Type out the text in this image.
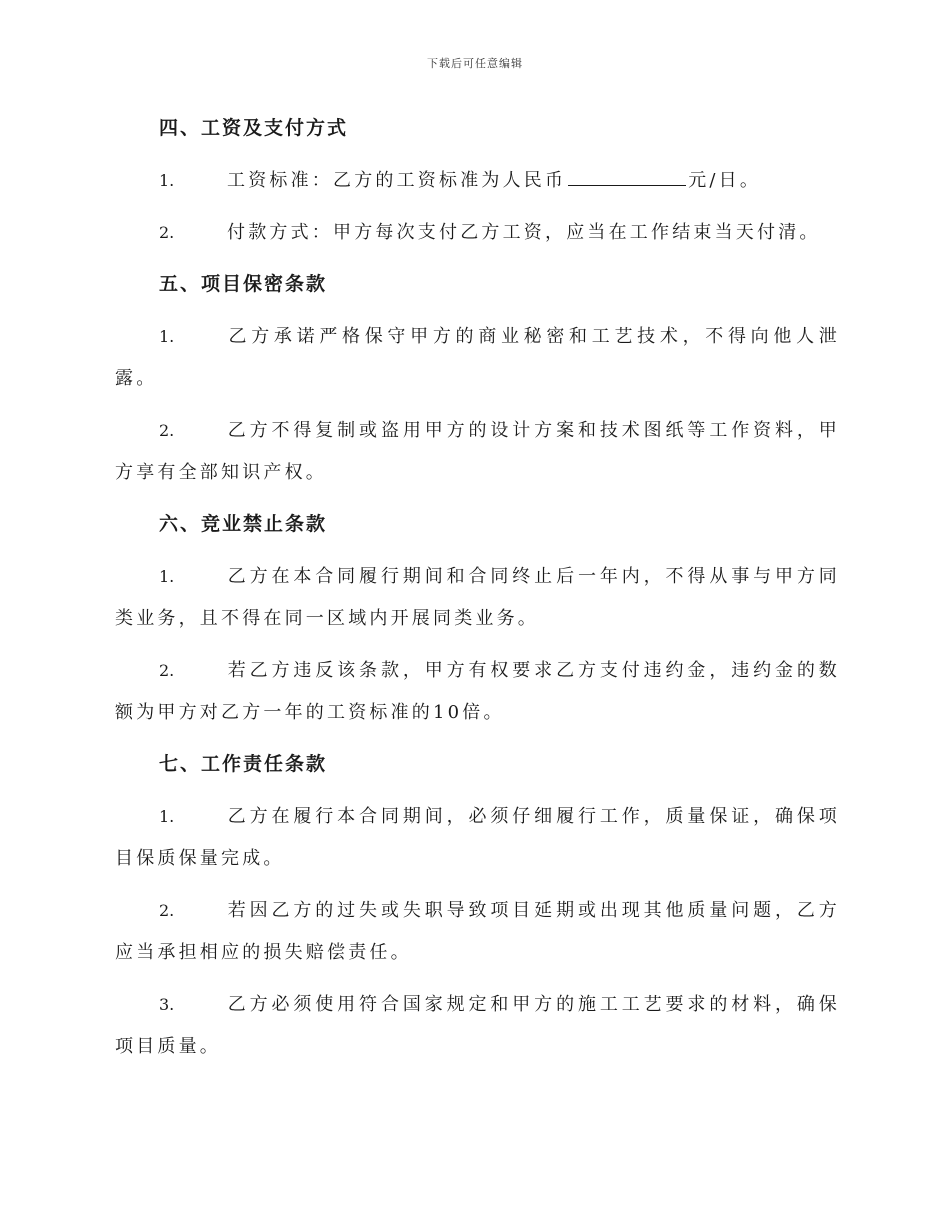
下载后可任意编辑
四、工资及支付方式

1.	工资标准：乙方的工资标准为人民币	元/日。

2.	付款方式：甲方每次支付乙方工资，应当在工作结束当天付清。

五、项目保密条款

1.	乙方承诺严格保守甲方的商业秘密和工艺技术，不得向他人泄露。

2.	乙方不得复制或盗用甲方的设计方案和技术图纸等工作资料，甲方享有全部知识产权。

六、竞业禁止条款

1.	乙方在本合同履行期间和合同终止后一年内，不得从事与甲方同类业务，且不得在同一区域内开展同类业务。

2.	若乙方违反该条款，甲方有权要求乙方支付违约金，违约金的数额为甲方对乙方一年的工资标准的10倍。

七、工作责任条款

1.	乙方在履行本合同期间，必须仔细履行工作，质量保证，确保项目保质保量完成。

2.	若因乙方的过失或失职导致项目延期或出现其他质量问题，乙方应当承担相应的损失赔偿责任。

3.	乙方必须使用符合国家规定和甲方的施工工艺要求的材料，确保项目质量。
